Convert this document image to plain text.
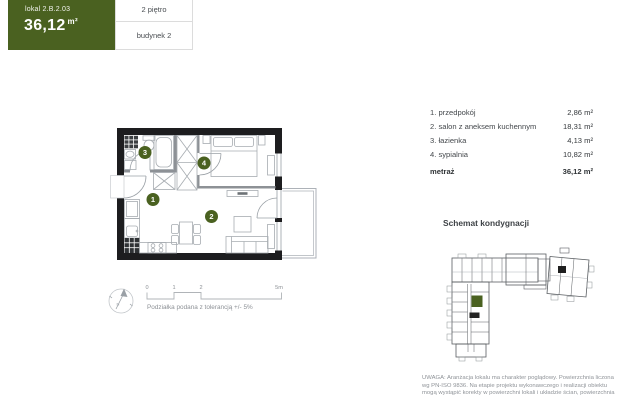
lokal 2.B.2.03
36,12 $^{m^2}$
2 piętro
budynek 2
1
2
3
4
N
0	1	2	5m
Podziałka podana z tolerancją +/- 5%
1. przedpokój	2,86 m²
2. salon z aneksem kuchennym	18,31 m²
3. łazienka	4,13 m²
4. sypialnia	10,82 m²
metraż	36,12 m²
Schemat kondygnacji
UWAGA: Aranżacja lokalu ma charakter poglądowy. Powierzchnia liczona
wg PN-ISO 9836. Na etapie projektu wykonawczego i realizacji obiektu
mogą wystąpić korekty w powierzchni lokali i układzie ścian, powierzchnia
